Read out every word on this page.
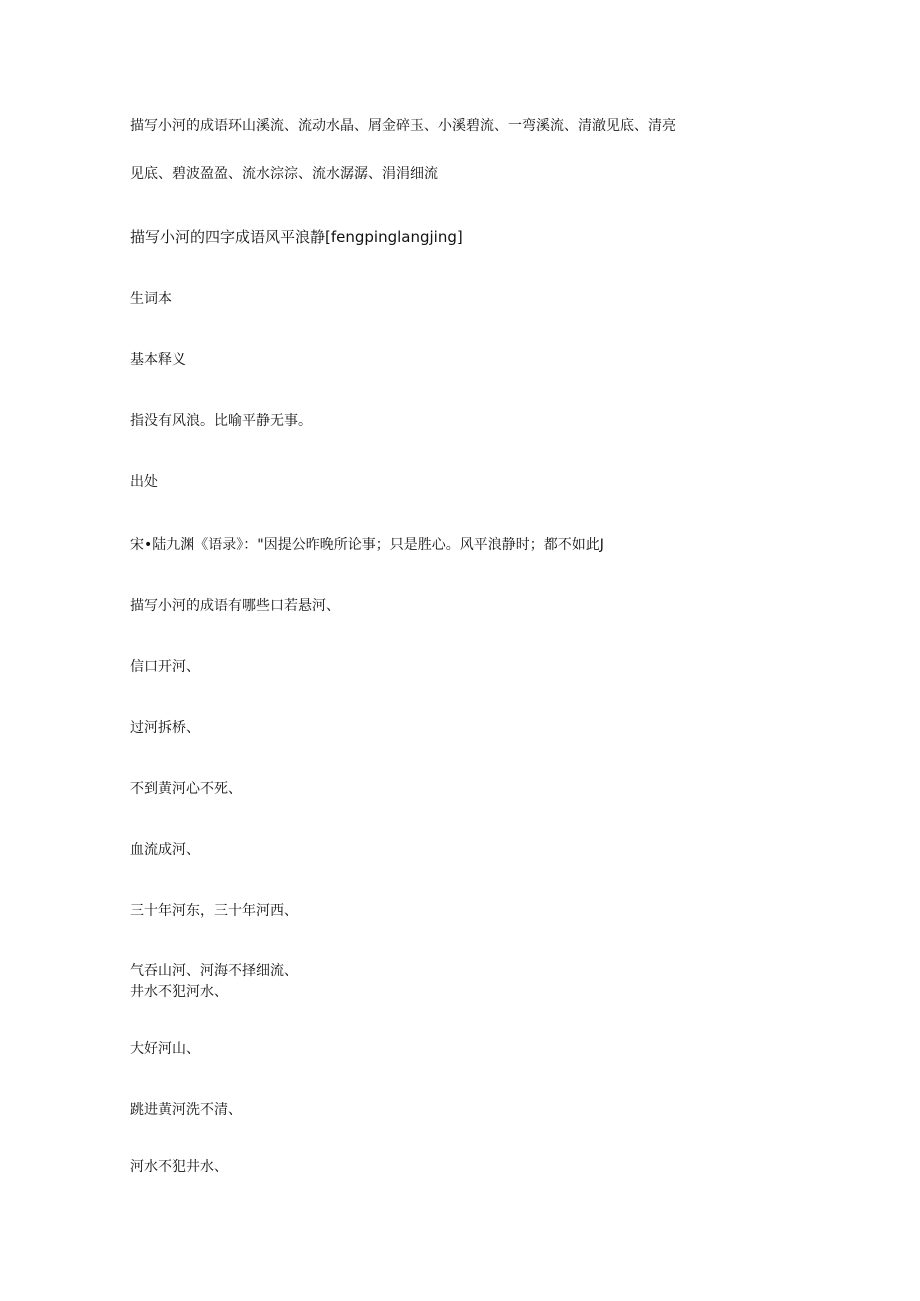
描写小河的成语环山溪流、流动水晶、屑金碎玉、小溪碧流、一弯溪流、清澈见底、清亮
见底、碧波盈盈、流水淙淙、流水潺潺、涓涓细流
描写小河的四字成语风平浪静[fengpinglangjing]
生词本
基本释义
指没有风浪。比喻平静无事。
出处
宋•陆九渊《语录》："因提公昨晚所论事；只是胜心。风平浪静时；都不如此J
描写小河的成语有哪些口若悬河、
信口开河、
过河拆桥、
不到黄河心不死、
血流成河、
三十年河东，三十年河西、
气吞山河、河海不择细流、
井水不犯河水、
大好河山、
跳进黄河洗不清、
河水不犯井水、
